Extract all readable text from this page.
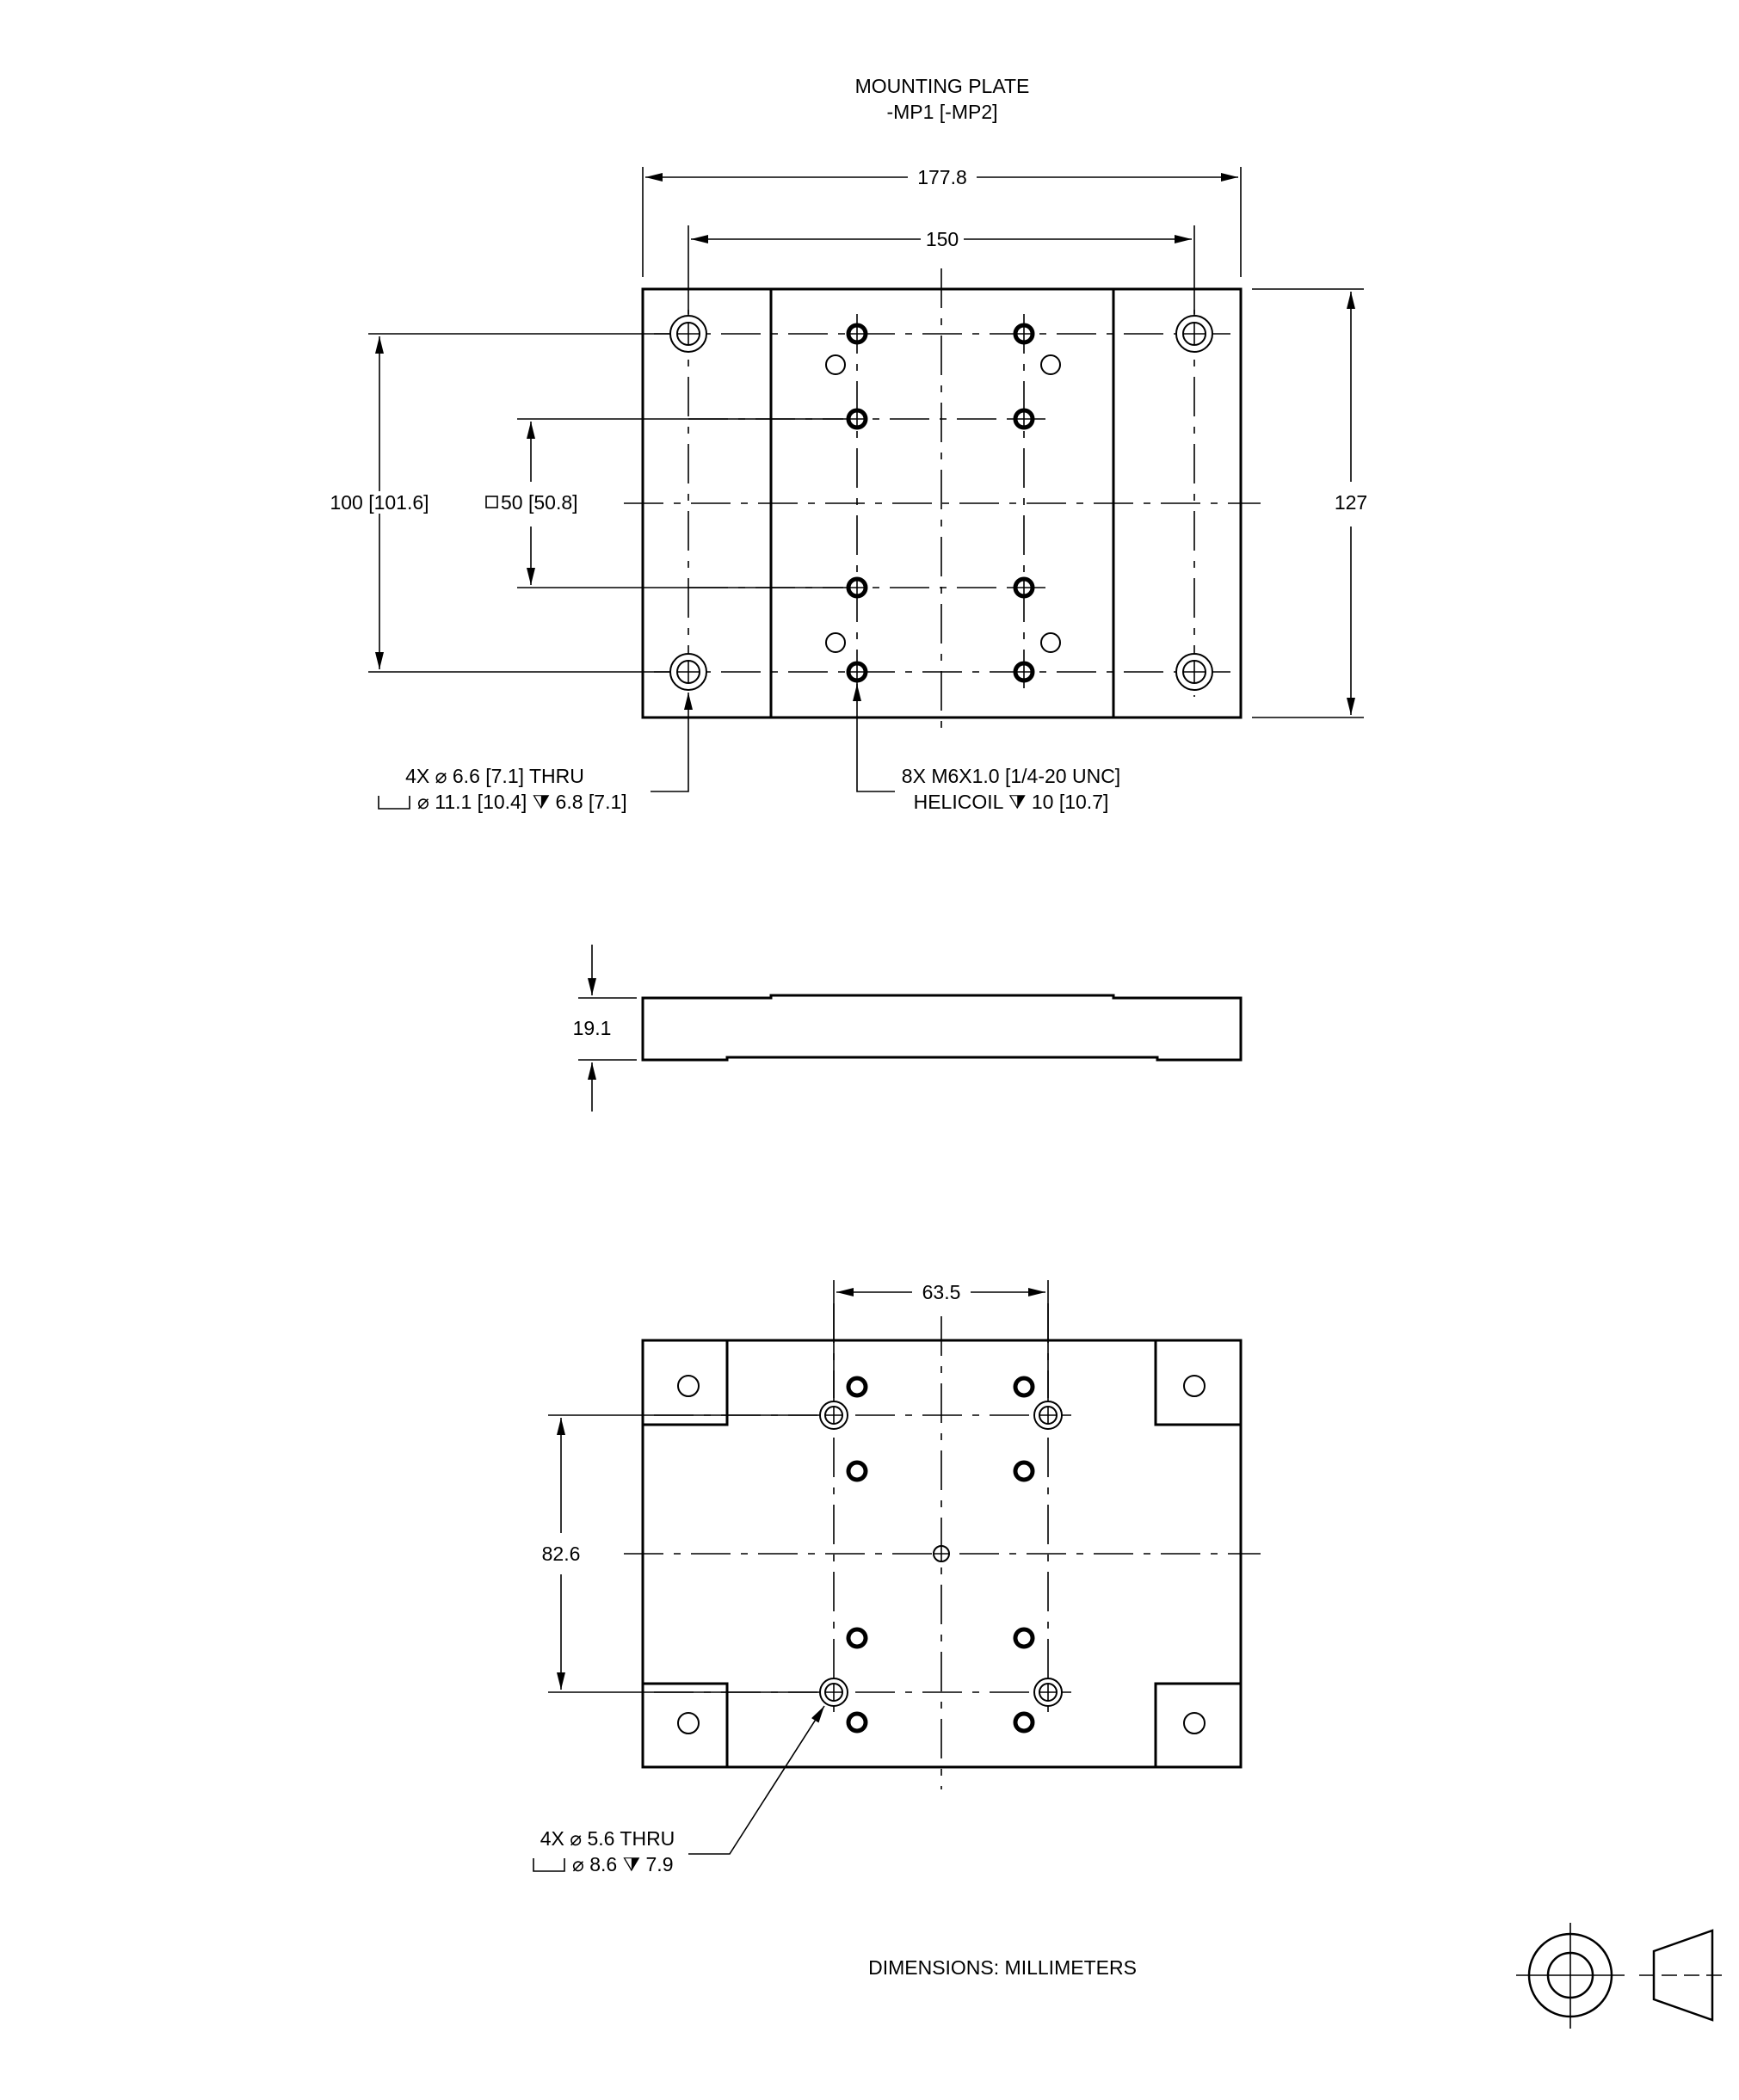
MOUNTING PLATE
-MP1 [-MP2]
177.8
150
100 [101.6]	50 [50.8]	127
4X ⌀ 6.6 [7.1] THRU
⌀ 11.1 [10.4] ⧩ 6.8 [7.1]
8X M6X1.0 [1/4-20 UNC]
HELICOIL ⧩ 10 [10.7]
19.1
63.5
82.6
4X ⌀ 5.6 THRU
⌀ 8.6 ⧩ 7.9
DIMENSIONS: MILLIMETERS
